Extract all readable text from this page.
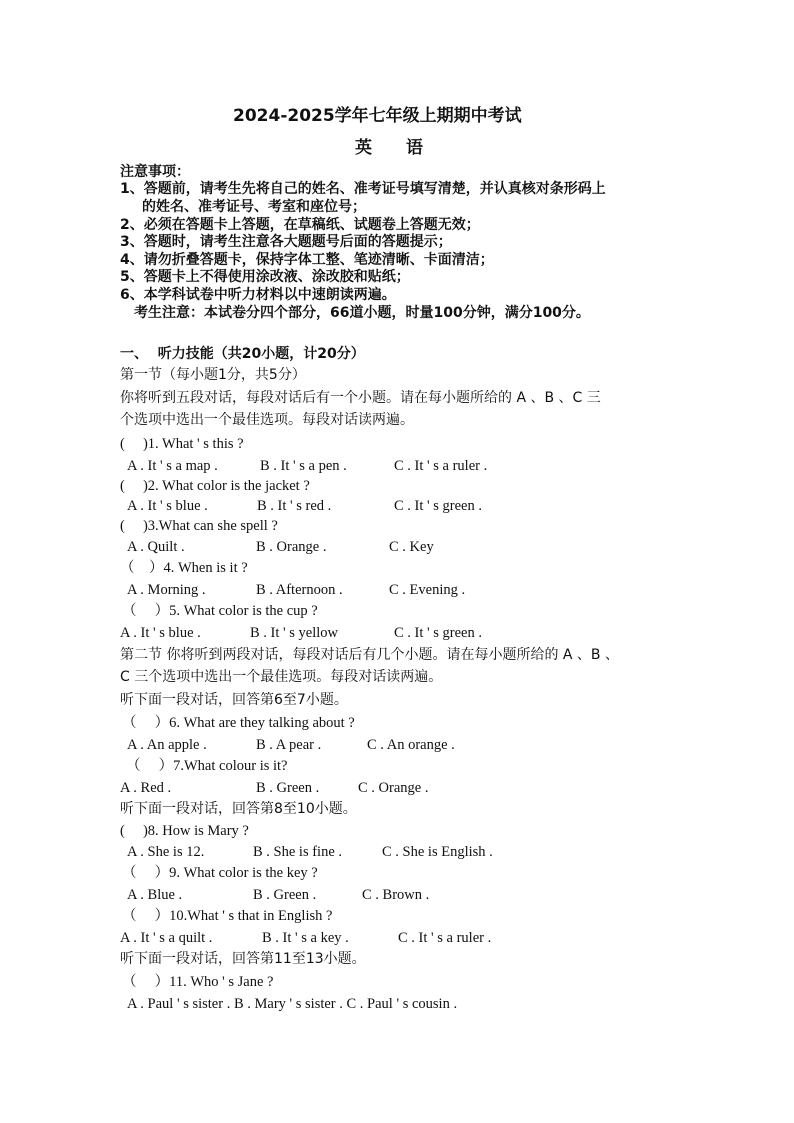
2024-2025学年七年级上期期中考试
英　　语
注意事项：
1、答题前，请考生先将自己的姓名、准考证号填写清楚，并认真核对条形码上
的姓名、准考证号、考室和座位号；
2、必须在答题卡上答题，在草稿纸、试题卷上答题无效；
3、答题时，请考生注意各大题题号后面的答题提示；
4、请勿折叠答题卡，保持字体工整、笔迹清晰、卡面清洁；
5、答题卡上不得使用涂改液、涂改胶和贴纸；
6、本学科试卷中听力材料以中速朗读两遍。
考生注意：本试卷分四个部分，66道小题，时量100分钟，满分100分。
一、  听力技能（共20小题，计20分）
第一节（每小题1分，共5分）
你将听到五段对话，每段对话后有一个小题。请在每小题所给的 A 、B 、C 三
个选项中选出一个最佳选项。每段对话读两遍。
(     )1. What ' s this ?
A . It ' s a map .	B . It ' s a pen .	C . It ' s a ruler .
(     )2. What color is the jacket ?
A . It ' s blue .	B . It ' s red .	C . It ' s green .
(     )3.What can she spell ?
A . Quilt .	B . Orange .	C . Key
（    ）4. When is it ?
A . Morning .	B . Afternoon .	C . Evening .
（     ）5. What color is the cup ?
A . It ' s blue .	B . It ' s yellow	C . It ' s green .
第二节 你将听到两段对话，每段对话后有几个小题。请在每小题所给的 A 、B 、
C 三个选项中选出一个最佳选项。每段对话读两遍。
听下面一段对话，回答第6至7小题。
（     ）6. What are they talking about ?
A . An apple .	B . A pear .	C . An orange .
（     ）7.What colour is it?
A . Red .	B . Green .	C . Orange .
听下面一段对话，回答第8至10小题。
(     )8. How is Mary ?
A . She is 12.	B . She is fine .	C . She is English .
（     ）9. What color is the key ?
A . Blue .	B . Green .	C . Brown .
（     ）10.What ' s that in English ?
A . It ' s a quilt .	B . It ' s a key .	C . It ' s a ruler .
听下面一段对话，回答第11至13小题。
（     ）11. Who ' s Jane ?
A . Paul ' s sister . B . Mary ' s sister . C . Paul ' s cousin .
